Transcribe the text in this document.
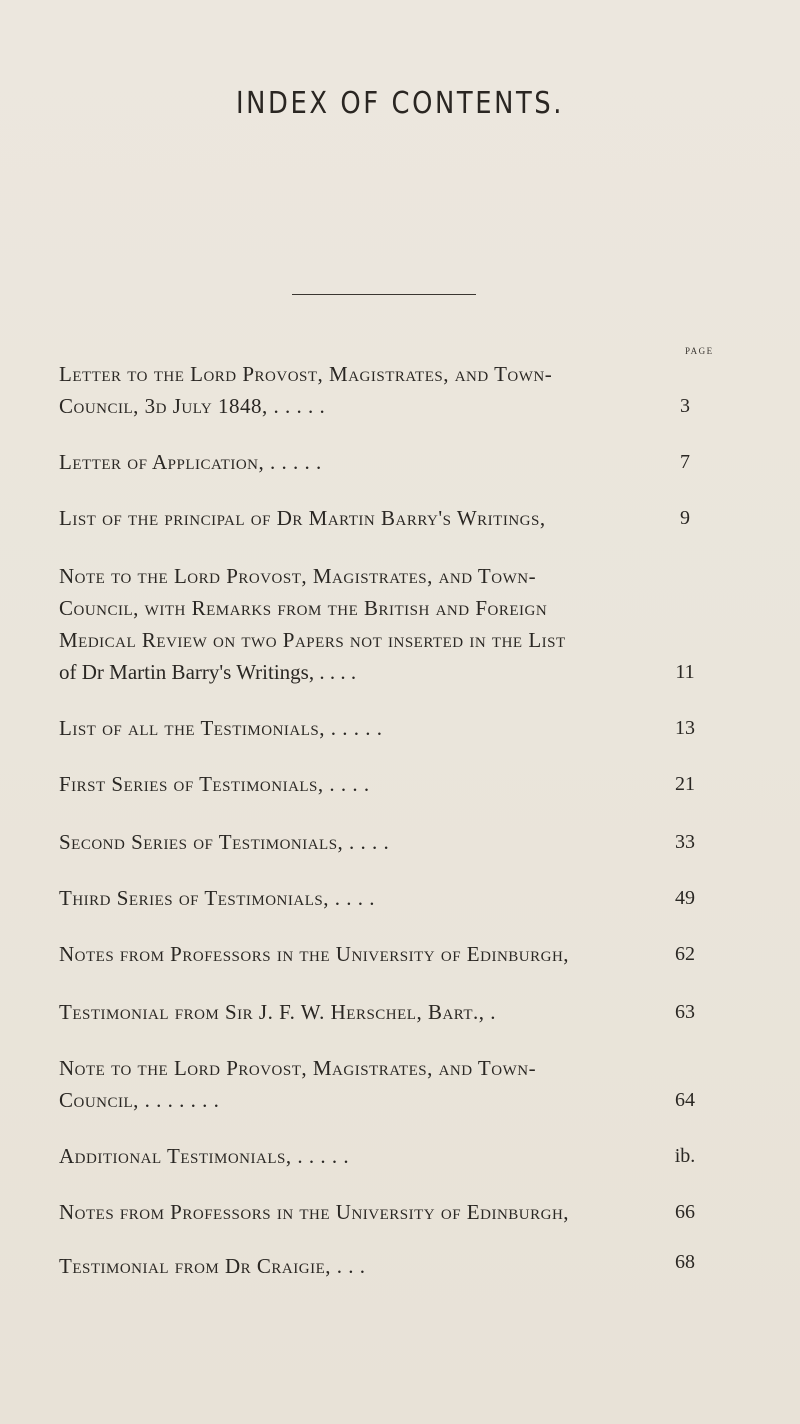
INDEX OF CONTENTS.
PAGE
Letter to the Lord Provost, Magistrates, and Town-
Council, 3d July 1848, . . . . .	3
Letter of Application, . . . . .	7
List of the principal of Dr Martin Barry's Writings,	9
Note to the Lord Provost, Magistrates, and Town-
Council, with Remarks from the British and Foreign
Medical Review on two Papers not inserted in the List
of Dr Martin Barry's Writings, . . . .	11
List of all the Testimonials, . . . . .	13
First Series of Testimonials, . . . .	21
Second Series of Testimonials, . . . .	33
Third Series of Testimonials, . . . .	49
Notes from Professors in the University of Edinburgh,	62
Testimonial from Sir J. F. W. Herschel, Bart., .	63
Note to the Lord Provost, Magistrates, and Town-
Council, . . . . . . .	64
Additional Testimonials, . . . . .	ib.
Notes from Professors in the University of Edinburgh,	66
Testimonial from Dr Craigie, . . .	68
